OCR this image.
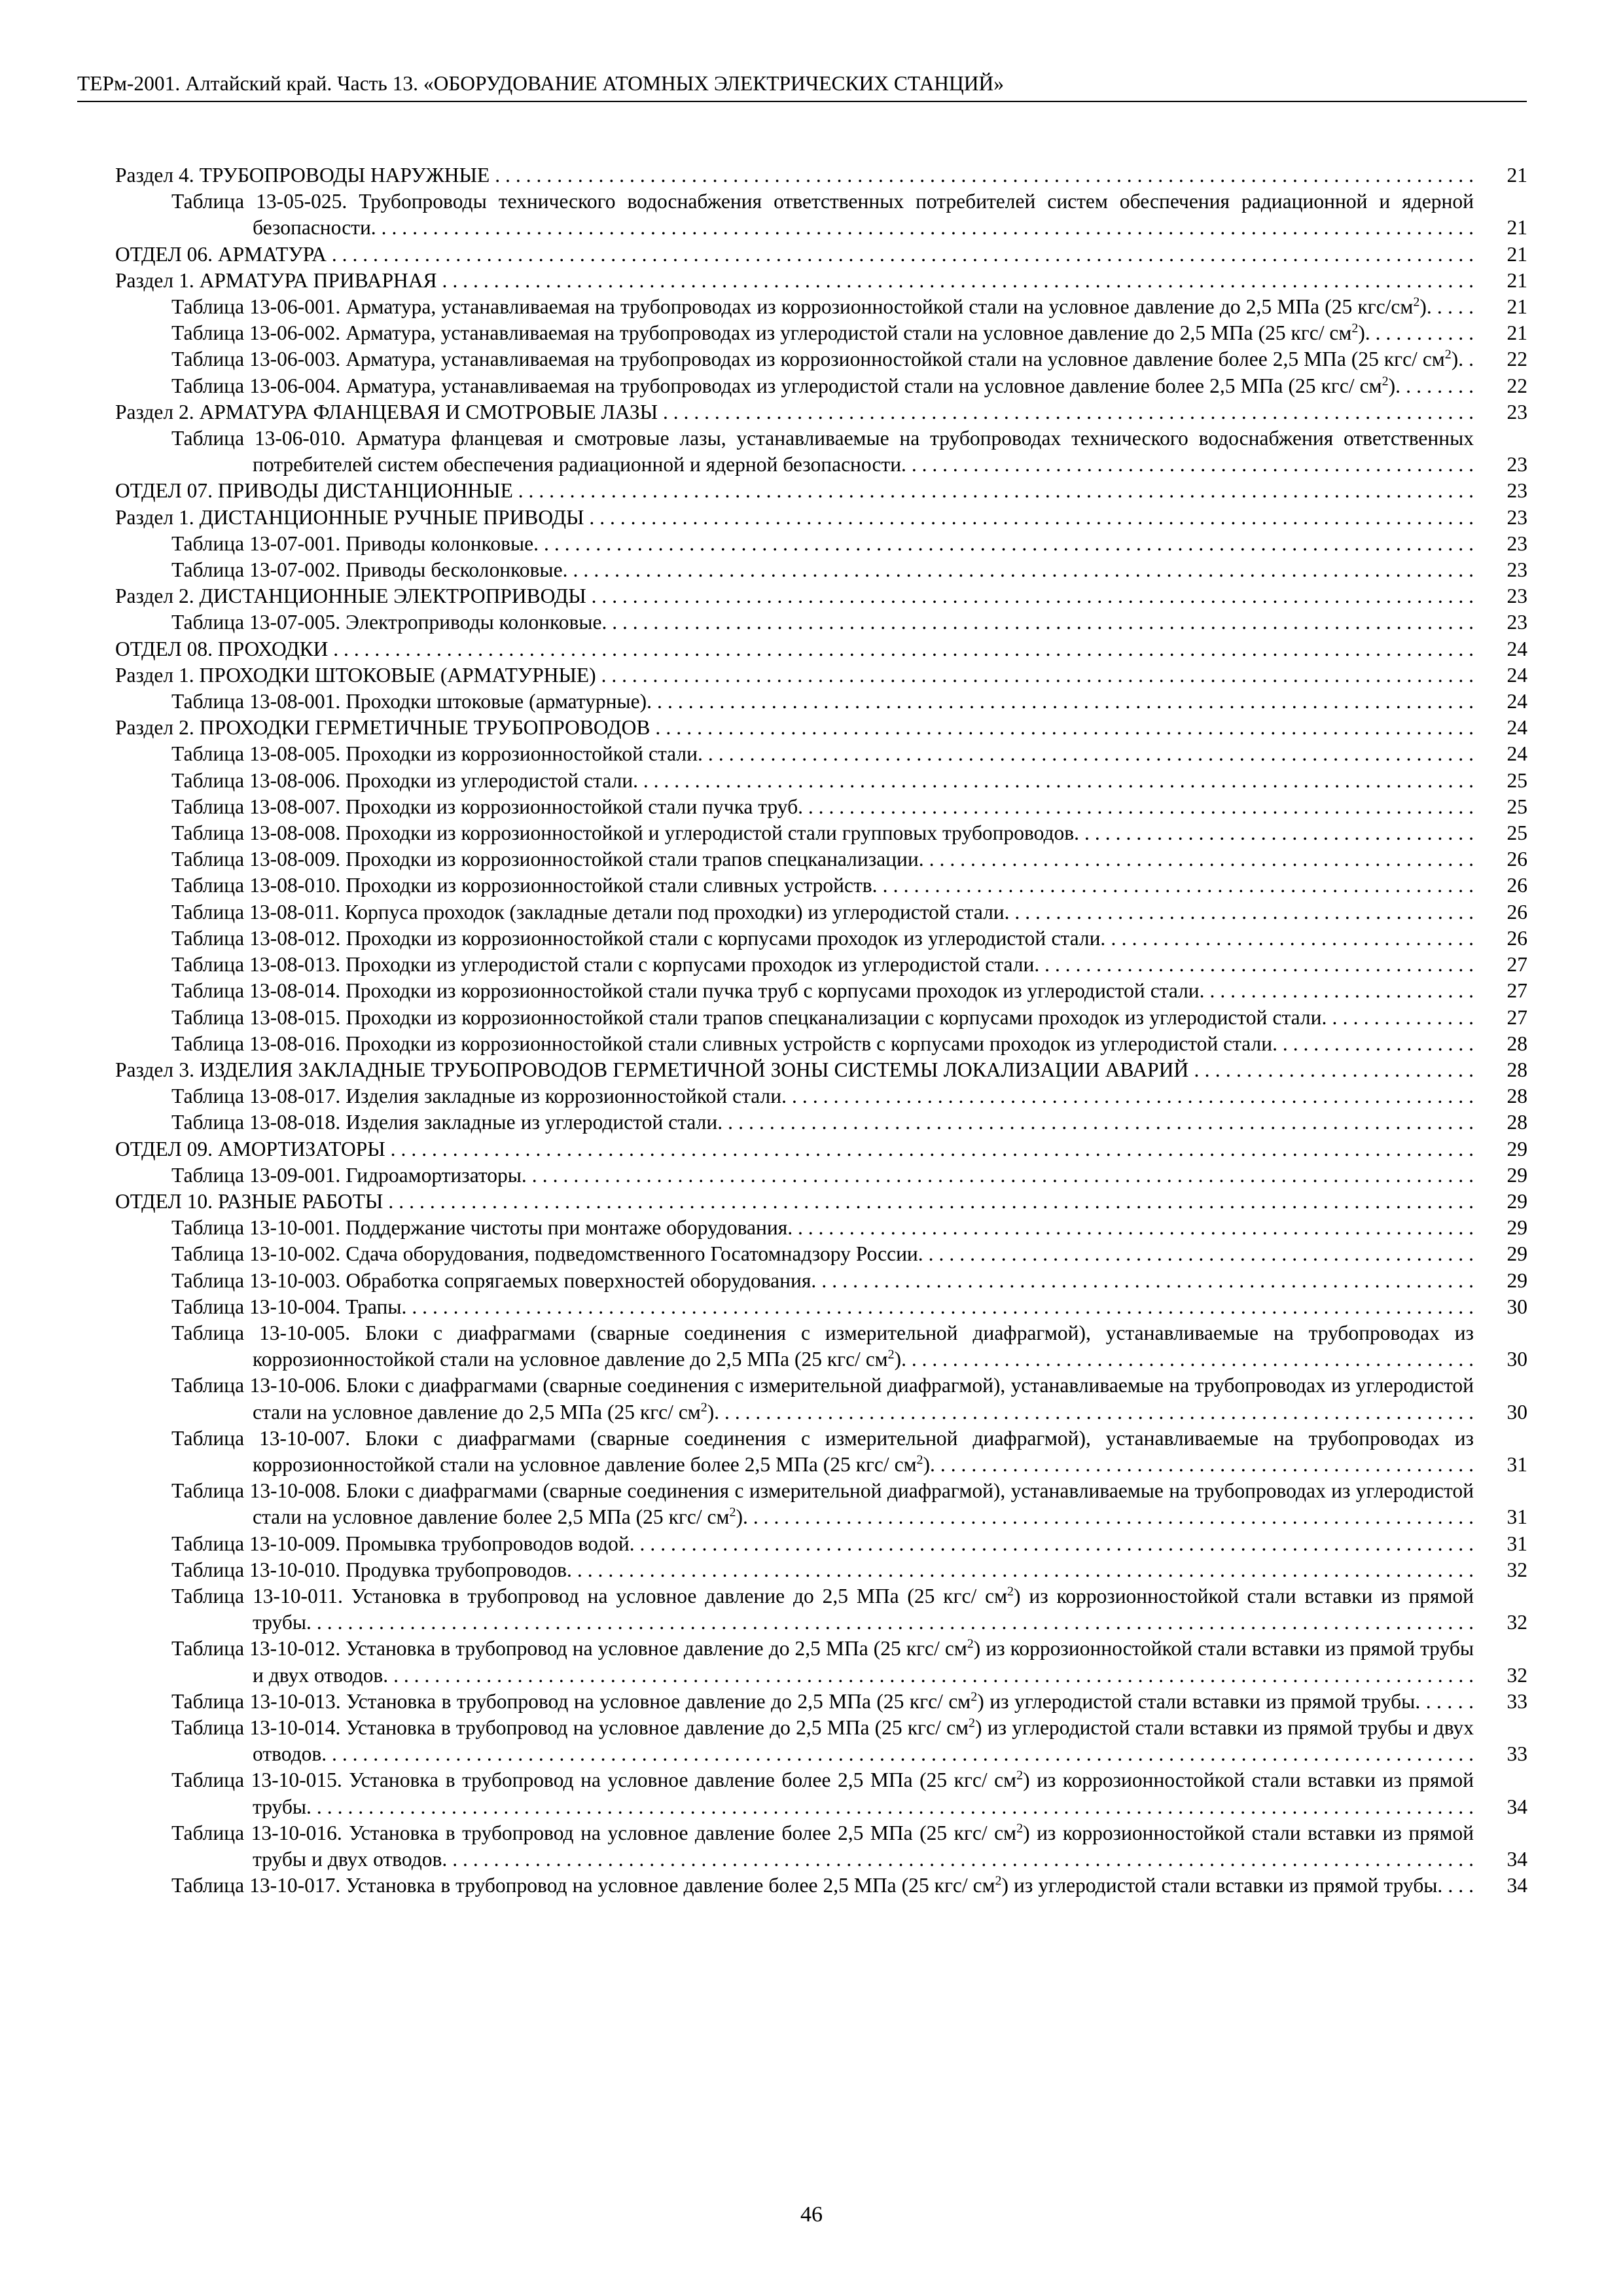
ТЕРм-2001. Алтайский край. Часть 13. «ОБОРУДОВАНИЕ АТОМНЫХ ЭЛЕКТРИЧЕСКИХ СТАНЦИЙ»
Раздел 4. ТРУБОПРОВОДЫ НАРУЖНЫЕ . . .	21
Таблица 13-05-025. Трубопроводы технического водоснабжения ответственных потребителей систем обеспечения радиационной и ядерной безопасности. . . .	21
ОТДЕЛ 06. АРМАТУРА . . .	21
Раздел 1. АРМАТУРА ПРИВАРНАЯ . . .	21
Таблица 13-06-001. Арматура, устанавливаемая на трубопроводах из коррозионностойкой стали на условное давление до 2,5 МПа (25 кгс/$см^2$). . . .	21
Таблица 13-06-002. Арматура, устанавливаемая на трубопроводах из углеродистой стали на условное давление до 2,5 МПа (25 кгс/ $см^2$). . . .	21
Таблица 13-06-003. Арматура, устанавливаемая на трубопроводах из коррозионностойкой стали на условное давление более 2,5 МПа (25 кгс/ $см^2$). . . .	22
Таблица 13-06-004. Арматура, устанавливаемая на трубопроводах из углеродистой стали на условное давление более 2,5 МПа (25 кгс/ $см^2$). . . .	22
Раздел 2. АРМАТУРА ФЛАНЦЕВАЯ И СМОТРОВЫЕ ЛАЗЫ . . .	23
Таблица 13-06-010. Арматура фланцевая и смотровые лазы, устанавливаемые на трубопроводах технического водоснабжения ответственных потребителей систем обеспечения радиационной и ядерной безопасности. . . .	23
ОТДЕЛ 07. ПРИВОДЫ ДИСТАНЦИОННЫЕ . . .	23
Раздел 1. ДИСТАНЦИОННЫЕ РУЧНЫЕ ПРИВОДЫ . . .	23
Таблица 13-07-001. Приводы колонковые. . . .	23
Таблица 13-07-002. Приводы бесколонковые. . . .	23
Раздел 2. ДИСТАНЦИОННЫЕ ЭЛЕКТРОПРИВОДЫ . . .	23
Таблица 13-07-005. Электроприводы колонковые. . . .	23
ОТДЕЛ 08. ПРОХОДКИ . . .	24
Раздел 1. ПРОХОДКИ ШТОКОВЫЕ (АРМАТУРНЫЕ) . . .	24
Таблица 13-08-001. Проходки штоковые (арматурные). . . .	24
Раздел 2. ПРОХОДКИ ГЕРМЕТИЧНЫЕ ТРУБОПРОВОДОВ . . .	24
Таблица 13-08-005. Проходки из коррозионностойкой стали. . . .	24
Таблица 13-08-006. Проходки из углеродистой стали. . . .	25
Таблица 13-08-007. Проходки из коррозионностойкой стали пучка труб. . . .	25
Таблица 13-08-008. Проходки из коррозионностойкой и углеродистой стали групповых трубопроводов. . . .	25
Таблица 13-08-009. Проходки из коррозионностойкой стали трапов спецканализации. . . .	26
Таблица 13-08-010. Проходки из коррозионностойкой стали сливных устройств. . . .	26
Таблица 13-08-011. Корпуса проходок (закладные детали под проходки) из углеродистой стали. . . .	26
Таблица 13-08-012. Проходки из коррозионностойкой стали с корпусами проходок из углеродистой стали. . . .	26
Таблица 13-08-013. Проходки из углеродистой стали с корпусами проходок из углеродистой стали. . . .	27
Таблица 13-08-014. Проходки из коррозионностойкой стали пучка труб с корпусами проходок из углеродистой стали. . . .	27
Таблица 13-08-015. Проходки из коррозионностойкой стали трапов спецканализации с корпусами проходок из углеродистой стали. . . .	27
Таблица 13-08-016. Проходки из коррозионностойкой стали сливных устройств с корпусами проходок из углеродистой стали. . . .	28
Раздел 3. ИЗДЕЛИЯ ЗАКЛАДНЫЕ ТРУБОПРОВОДОВ ГЕРМЕТИЧНОЙ ЗОНЫ СИСТЕМЫ ЛОКАЛИЗАЦИИ АВАРИЙ . . .	28
Таблица 13-08-017. Изделия закладные из коррозионностойкой стали. . . .	28
Таблица 13-08-018. Изделия закладные из углеродистой стали. . . .	28
ОТДЕЛ 09. АМОРТИЗАТОРЫ . . .	29
Таблица 13-09-001. Гидроамортизаторы. . . .	29
ОТДЕЛ 10. РАЗНЫЕ РАБОТЫ . . .	29
Таблица 13-10-001. Поддержание чистоты при монтаже оборудования. . . .	29
Таблица 13-10-002. Сдача оборудования, подведомственного Госатомнадзору России. . . .	29
Таблица 13-10-003. Обработка сопрягаемых поверхностей оборудования. . . .	29
Таблица 13-10-004. Трапы. . . .	30
Таблица 13-10-005. Блоки с диафрагмами (сварные соединения с измерительной диафрагмой), устанавливаемые на трубопроводах из коррозионностойкой стали на условное давление до 2,5 МПа (25 кгс/ $см^2$). . . .	30
Таблица 13-10-006. Блоки с диафрагмами (сварные соединения с измерительной диафрагмой), устанавливаемые на трубопроводах из углеродистой стали на условное давление до 2,5 МПа (25 кгс/ $см^2$). . . .	30
Таблица 13-10-007. Блоки с диафрагмами (сварные соединения с измерительной диафрагмой), устанавливаемые на трубопроводах из коррозионностойкой стали на условное давление более 2,5 МПа (25 кгс/ $см^2$). . . .	31
Таблица 13-10-008. Блоки с диафрагмами (сварные соединения с измерительной диафрагмой), устанавливаемые на трубопроводах из углеродистой стали на условное давление более 2,5 МПа (25 кгс/ $см^2$). . . .	31
Таблица 13-10-009. Промывка трубопроводов водой. . . .	31
Таблица 13-10-010. Продувка трубопроводов. . . .	32
Таблица 13-10-011. Установка в трубопровод на условное давление до 2,5 МПа (25 кгс/ $см^2$) из коррозионностойкой стали вставки из прямой трубы. . . .	32
Таблица 13-10-012. Установка в трубопровод на условное давление до 2,5 МПа (25 кгс/ $см^2$) из коррозионностойкой стали вставки из прямой трубы и двух отводов. . . .	32
Таблица 13-10-013. Установка в трубопровод на условное давление до 2,5 МПа (25 кгс/ $см^2$) из углеродистой стали вставки из прямой трубы. . . .	33
Таблица 13-10-014. Установка в трубопровод на условное давление до 2,5 МПа (25 кгс/ $см^2$) из углеродистой стали вставки из прямой трубы и двух отводов. . . .	33
Таблица 13-10-015. Установка в трубопровод на условное давление более 2,5 МПа (25 кгс/ $см^2$) из коррозионностойкой стали вставки из прямой трубы. . . .	34
Таблица 13-10-016. Установка в трубопровод на условное давление более 2,5 МПа (25 кгс/ $см^2$) из коррозионностойкой стали вставки из прямой трубы и двух отводов. . . .	34
Таблица 13-10-017. Установка в трубопровод на условное давление более 2,5 МПа (25 кгс/ $см^2$) из углеродистой стали вставки из прямой трубы. . . .	34
46
